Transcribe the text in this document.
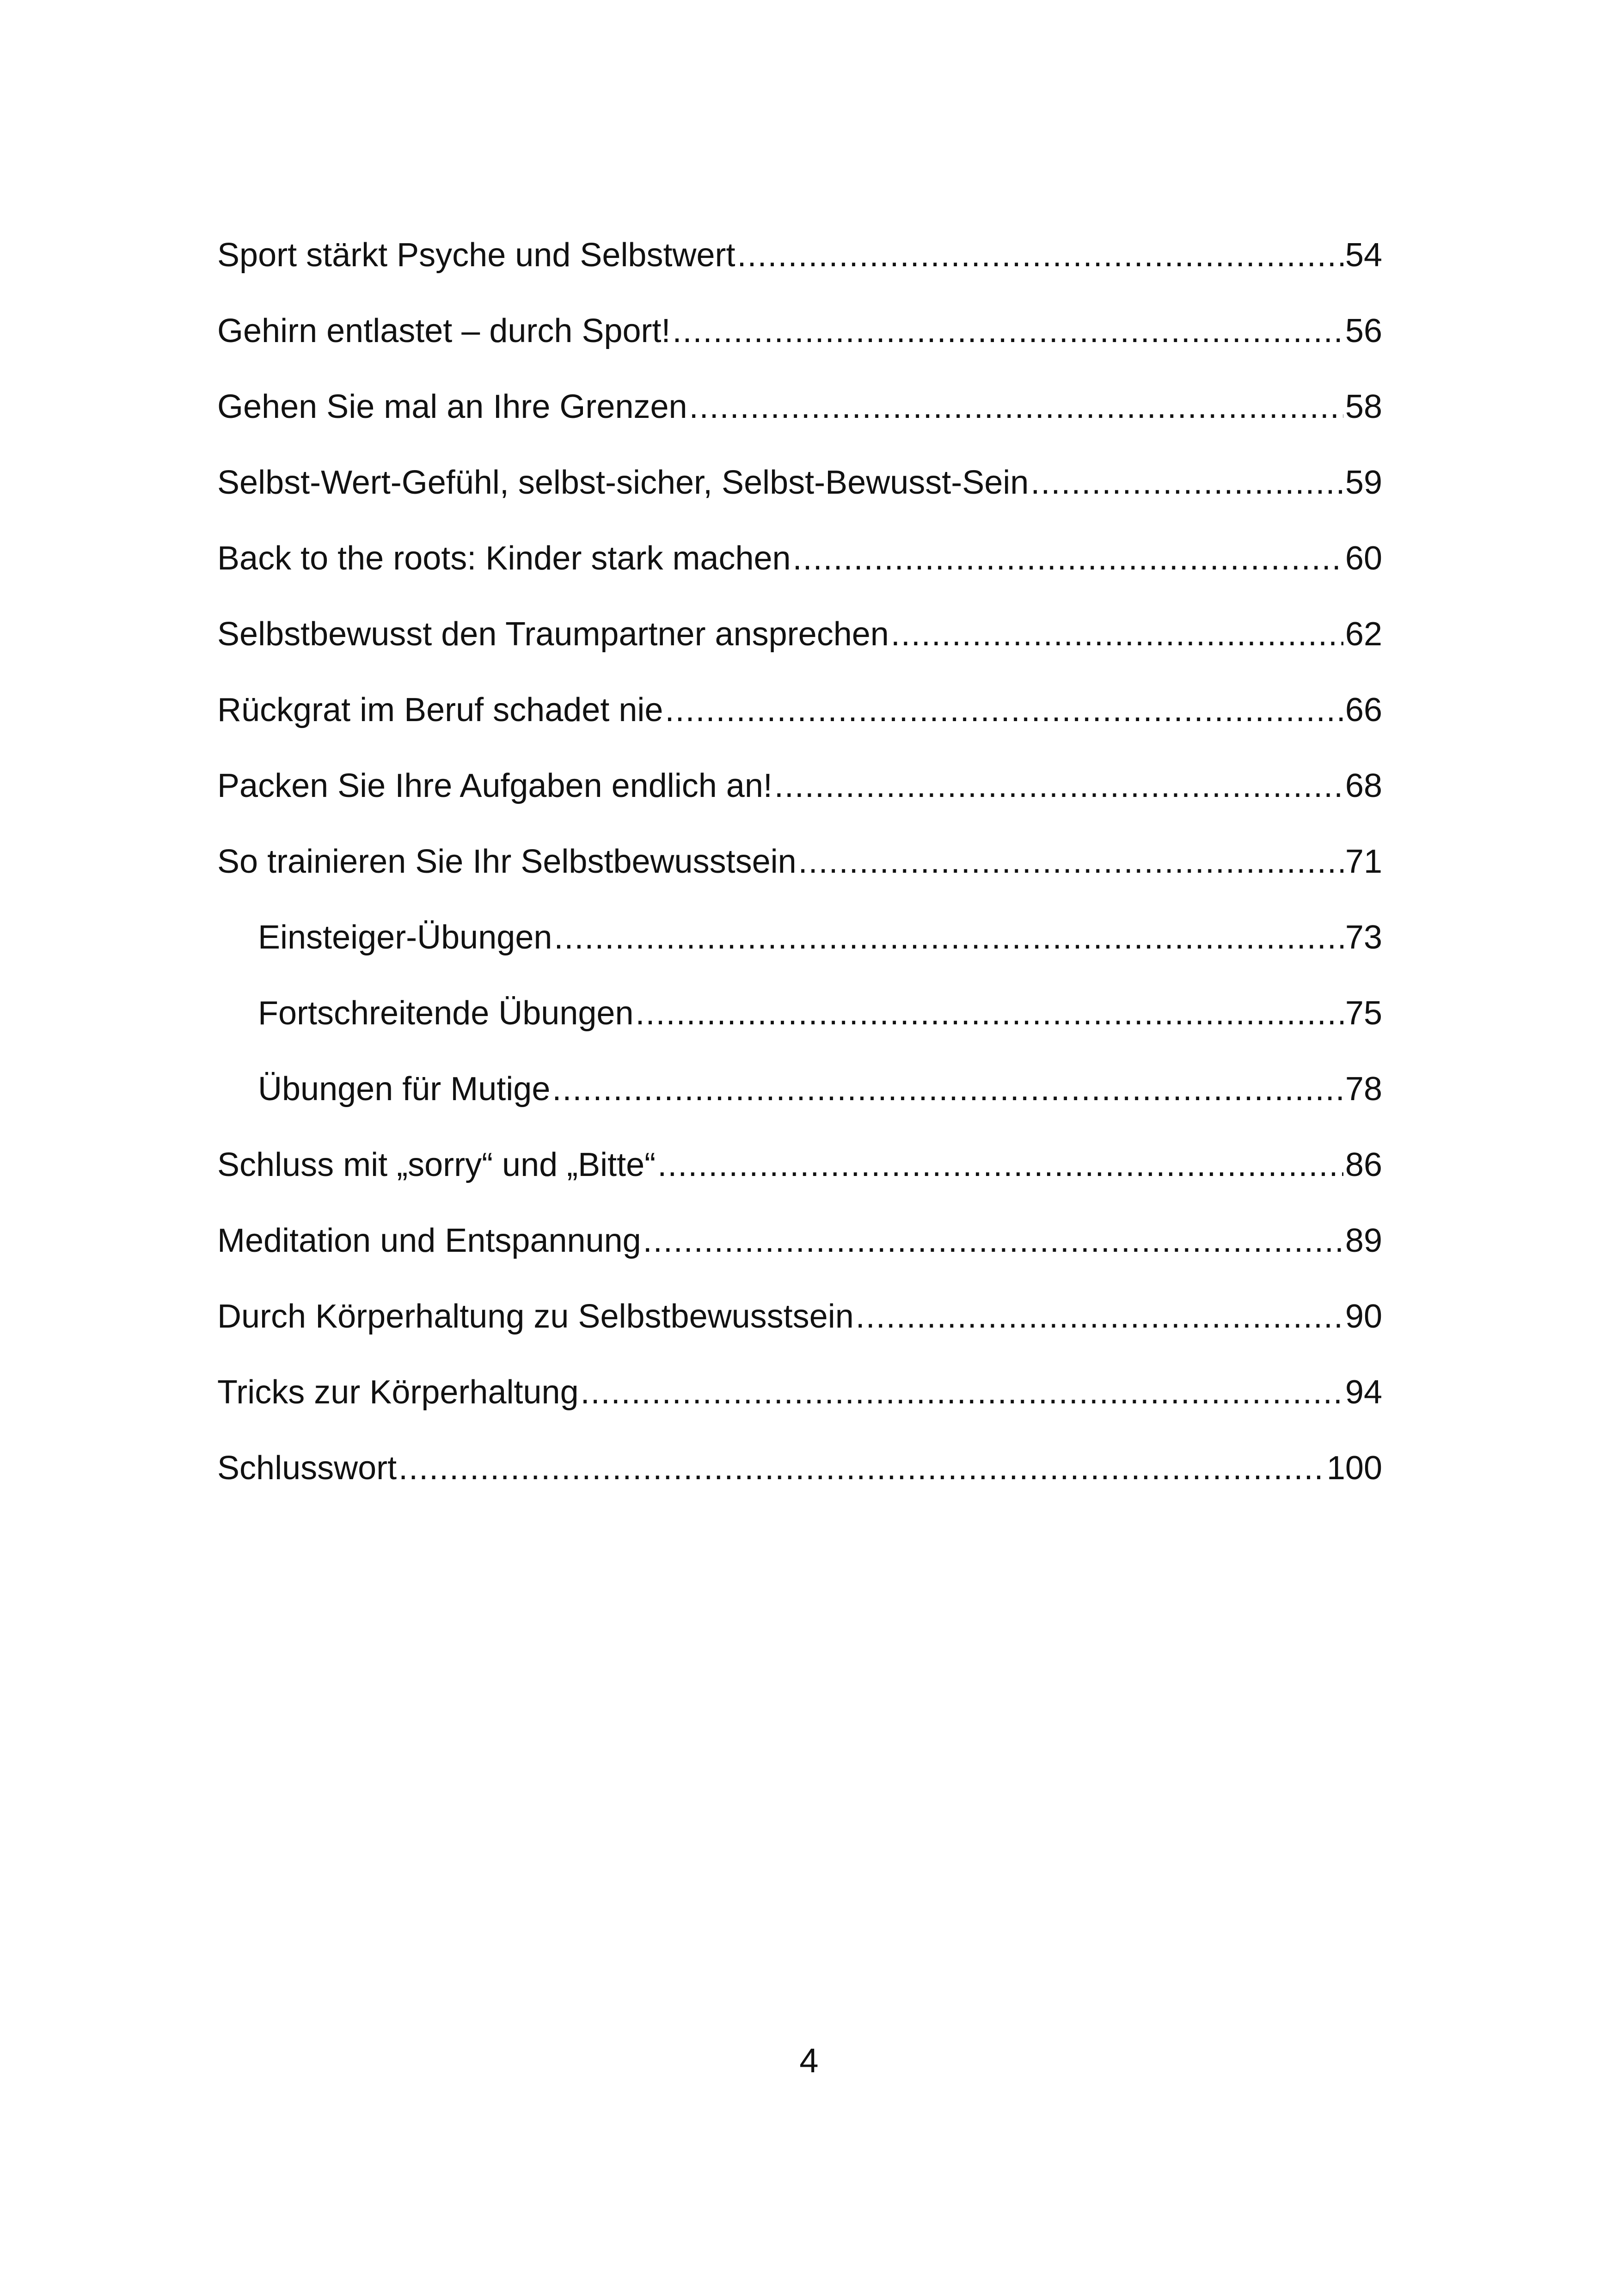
Sport stärkt Psyche und Selbstwert .....	54
Gehirn entlastet – durch Sport! .....	56
Gehen Sie mal an Ihre Grenzen .....	58
Selbst-Wert-Gefühl, selbst-sicher, Selbst-Bewusst-Sein .....	59
Back to the roots: Kinder stark machen .....	60
Selbstbewusst den Traumpartner ansprechen .....	62
Rückgrat im Beruf schadet nie .....	66
Packen Sie Ihre Aufgaben endlich an! .....	68
So trainieren Sie Ihr Selbstbewusstsein .....	71
Einsteiger-Übungen .....	73
Fortschreitende Übungen .....	75
Übungen für Mutige .....	78
Schluss mit „sorry“ und „Bitte“ .....	86
Meditation und Entspannung .....	89
Durch Körperhaltung zu Selbstbewusstsein .....	90
Tricks zur Körperhaltung .....	94
Schlusswort .....	100
4
